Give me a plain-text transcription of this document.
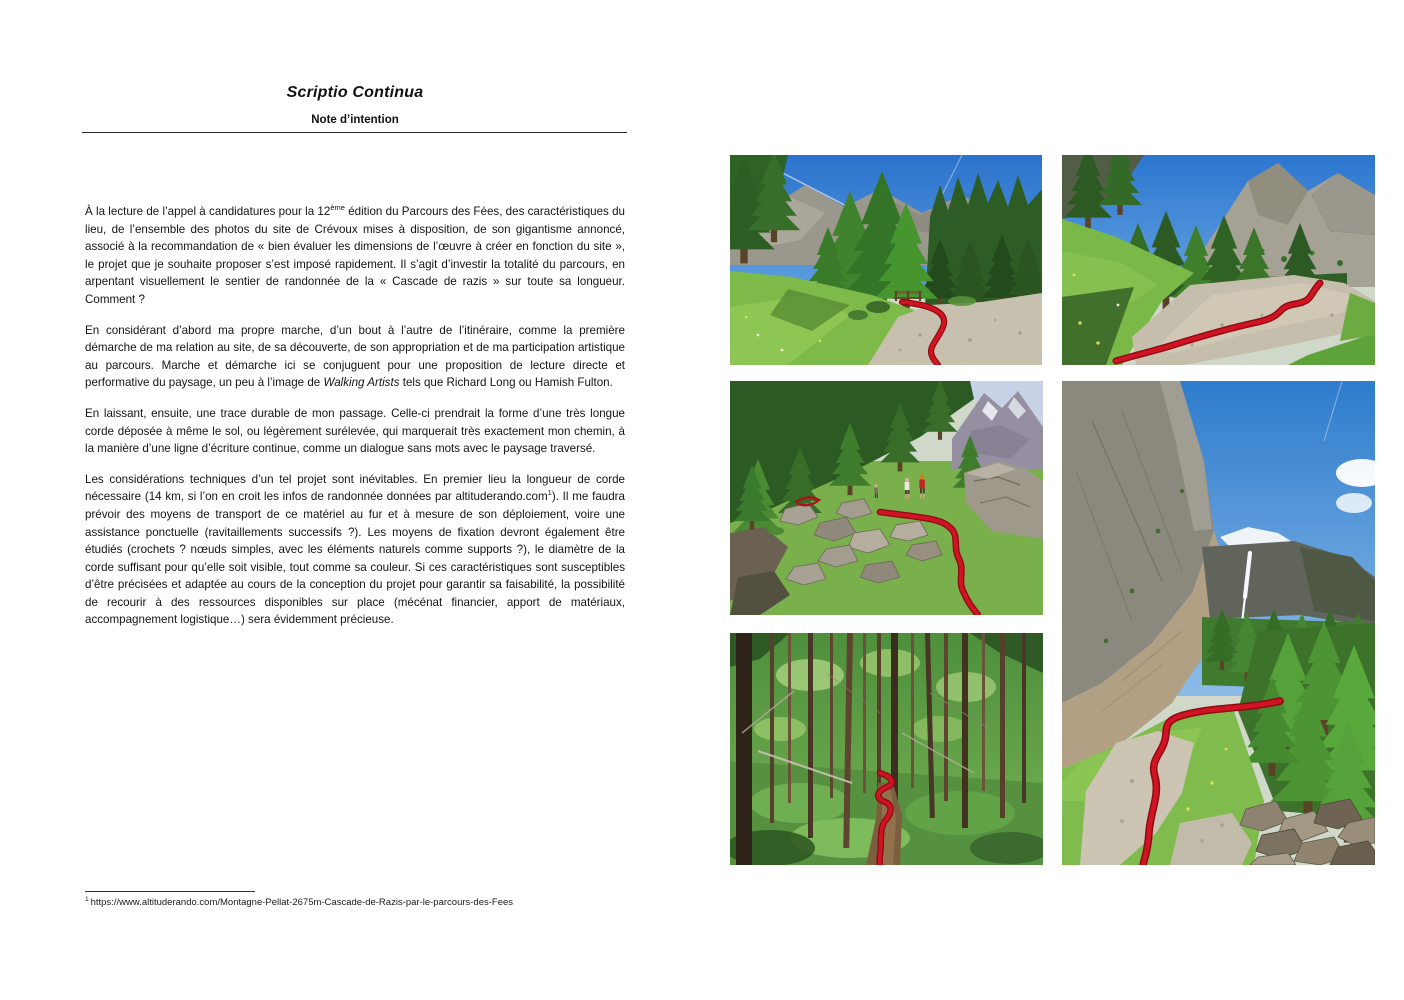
Scriptio Continua
Note d’intention

À la lecture de l’appel à candidatures pour la 12ème édition du Parcours des Fées, des caractéristiques du lieu, de l’ensemble des photos du site de Crévoux mises à disposition, de son gigantisme annoncé, associé à la recommandation de « bien évaluer les dimensions de l’œuvre à créer en fonction du site », le projet que je souhaite proposer s’est imposé rapidement. Il s’agit d’investir la totalité du parcours, en arpentant visuellement le sentier de randonnée de la « Cascade de razis » sur toute sa longueur. Comment ?

En considérant d’abord ma propre marche, d’un bout à l’autre de l’itinéraire, comme la première démarche de ma relation au site, de sa découverte, de son appropriation et de ma participation artistique au parcours. Marche et démarche ici se conjuguent pour une proposition de lecture directe et performative du paysage, un peu à l’image de Walking Artists tels que Richard Long ou Hamish Fulton.

En laissant, ensuite, une trace durable de mon passage. Celle-ci prendrait la forme d’une très longue corde déposée à même le sol, ou légèrement surélevée, qui marquerait très exactement mon chemin, à la manière d’une ligne d’écriture continue, comme un dialogue sans mots avec le paysage traversé.

Les considérations techniques d’un tel projet sont inévitables. En premier lieu la longueur de corde nécessaire (14 km, si l’on en croit les infos de randonnée données par altituderando.com$^1$). Il me faudra prévoir des moyens de transport de ce matériel au fur et à mesure de son déploiement, voire une assistance ponctuelle (ravitaillements successifs ?). Les moyens de fixation devront également être étudiés (crochets ? nœuds simples, avec les éléments naturels comme supports ?), le diamètre de la corde suffisant pour qu’elle soit visible, tout comme sa couleur. Si ces caractéristiques sont susceptibles d’être précisées et adaptée au cours de la conception du projet pour garantir sa faisabilité, la possibilité de recourir à des ressources disponibles sur place (mécénat financier, apport de matériaux, accompagnement logistique…) sera évidemment précieuse.

$^1$ https://www.altituderando.com/Montagne-Pellat-2675m-Cascade-de-Razis-par-le-parcours-des-Fees
